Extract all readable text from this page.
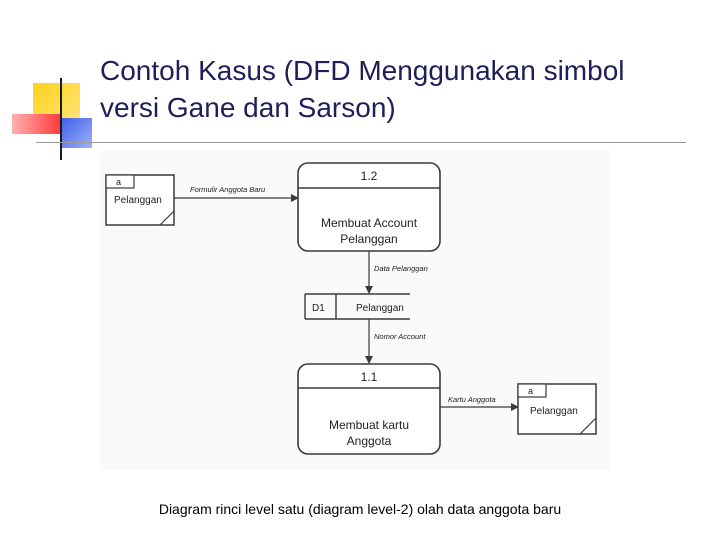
Contoh Kasus (DFD Menggunakan simbol
versi Gane dan Sarson)
a
Pelanggan
Formulir Anggota Baru
1.2
Membuat Account
Pelanggan
Data Pelanggan
D1	Pelanggan
Nomor Account
1.1
Membuat kartu
Anggota
Kartu Anggota
a
Pelanggan
Diagram rinci level satu (diagram level-2) olah data anggota baru
